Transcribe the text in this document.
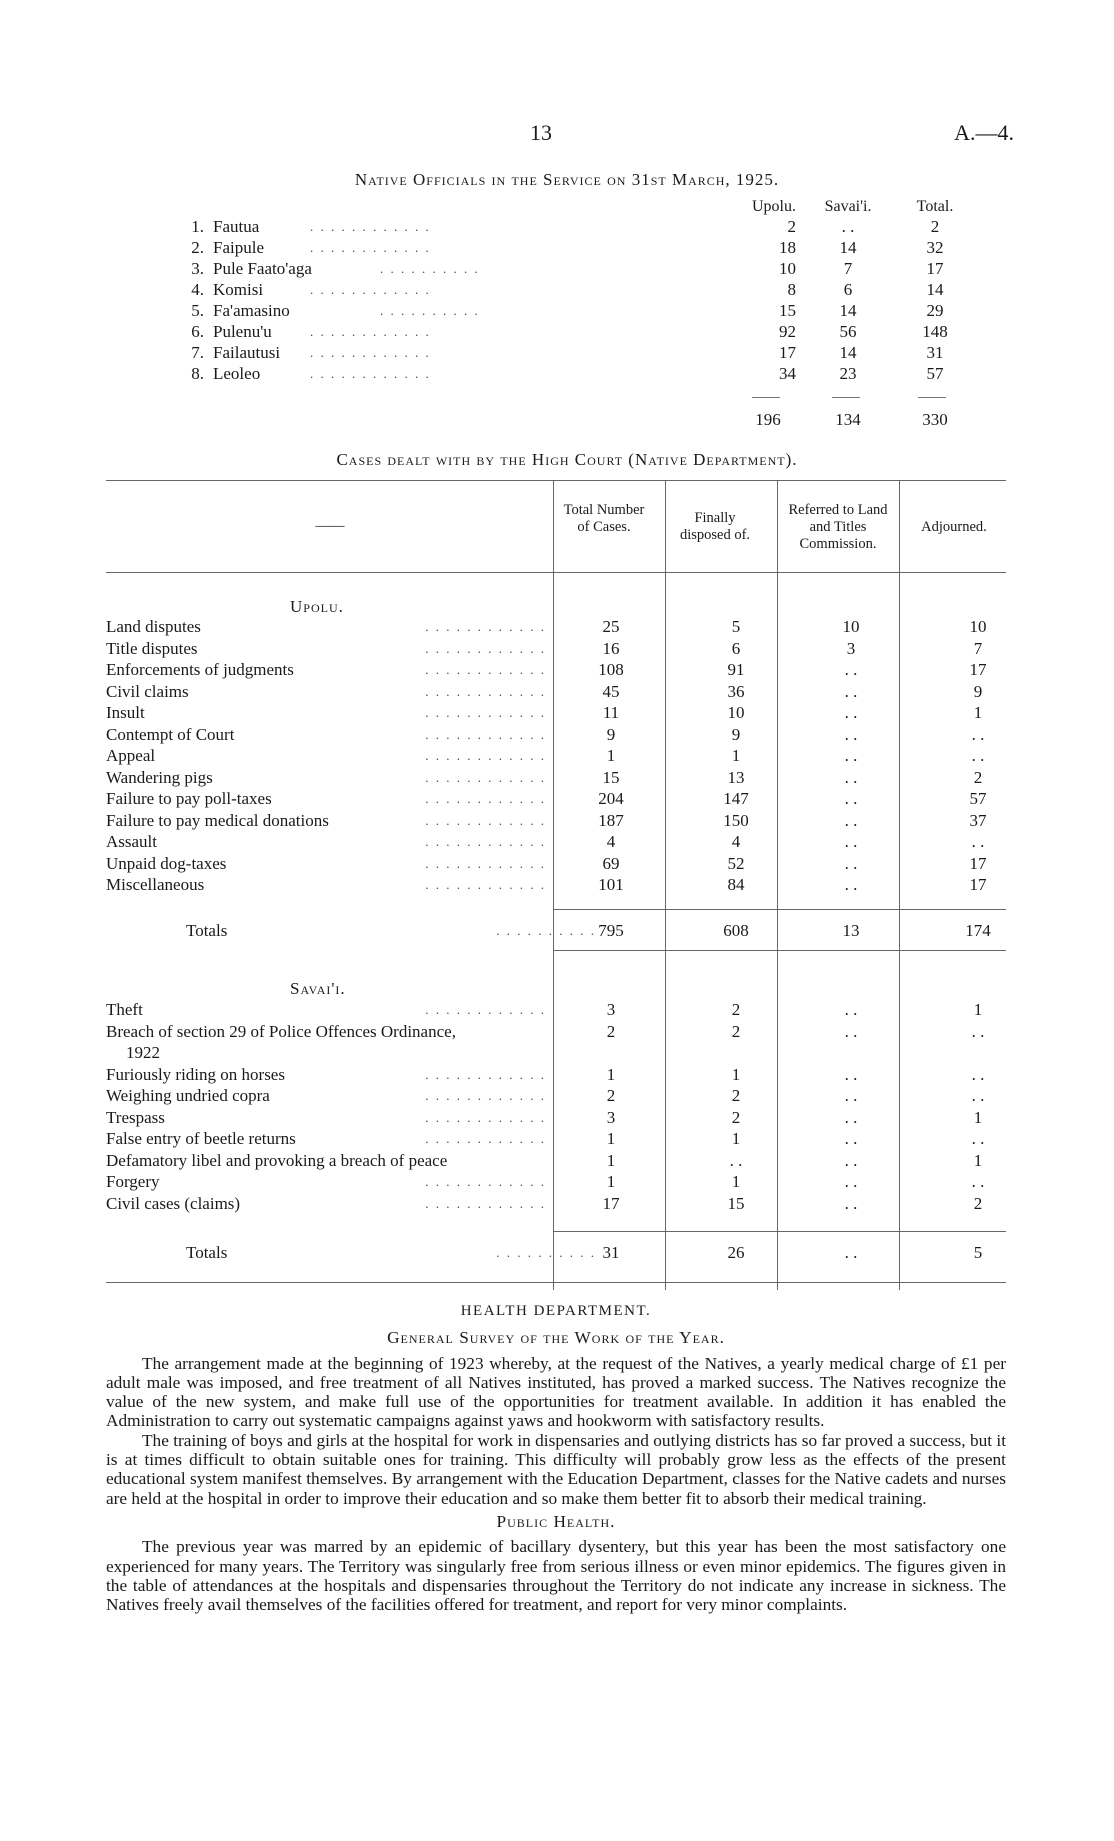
13	A.—4.
Native Officials in the Service on 31st March, 1925.
Upolu.	Savai'i.	Total.
1. Fautua	. . . . . . . . . . . .	2	. .	2
2. Faipule	. . . . . . . . . . . .	18	14	32
3. Pule Faato'aga	. . . . . . . . . .	10	7	17
4. Komisi	. . . . . . . . . . . .	8	6	14
5. Fa'amasino	. . . . . . . . . .	15	14	29
6. Pulenu'u	. . . . . . . . . . . .	92	56	148
7. Failautusi . . . . . . . . . . . .	17	14	31
8. Leoleo	. . . . . . . . . . . .	34	23	57
196	134	330
Cases dealt with by the High Court (Native Department).
——
Total Number of Cases.
Finally disposed of.
Referred to Land and Titles Commission.
Adjourned.
Upolu.
. . . . . . . . . . . .
Land disputes	25	5	10	10
. . . . . . . . . . . .
Title disputes	16	6	3	7
. . . . . . . . . . . .
Enforcements of judgments	108	91	. .	17
. . . . . . . . . . . .
Civil claims	45	36	. .	9
. . . . . . . . . . . .
Insult	11	10	. .	1
. . . . . . . . . . . .
Contempt of Court	9	9	. .	. .
. . . . . . . . . . . .
Appeal	1	1	. .	. .
. . . . . . . . . . . .
Wandering pigs	15	13	. .	2
. . . . . . . . . . . .
Failure to pay poll-taxes	204	147	. .	57
. . . . . . . . . . . .
Failure to pay medical donations	187	150	. .	37
. . . . . . . . . . . .
Assault	4	4	. .	. .
. . . . . . . . . . . .
Unpaid dog-taxes	69	52	. .	17
. . . . . . . . . . . .
Miscellaneous	101	84	. .	17
. . . . . . . . . .
Totals	795	608	13	174
Savai'i.
. . . . . . . . . . . .
Theft	3	2	. .	1
Breach of section 29 of Police Offences Ordinance,
1922
2	2	. .	. .
. . . . . . . . . . . .
Furiously riding on horses	1	1	. .	. .
. . . . . . . . . . . .
Weighing undried copra	2	2	. .	. .
. . . . . . . . . . . .
Trespass	3	2	. .	1
. . . . . . . . . . . .
False entry of beetle returns	1	1	. .	. .
Defamatory libel and provoking a breach of peace	1	. .	. .	1
. . . . . . . . . . . .
Forgery	1	1	. .	. .
. . . . . . . . . . . .
Civil cases (claims)	17	15	. .	2
. . . . . . . . . .
Totals	31	26	. .	5

HEALTH DEPARTMENT.

General Survey of the Work of the Year.

The arrangement made at the beginning of 1923 whereby, at the request of the Natives, a yearly medical charge of £1 per adult male was imposed, and free treatment of all Natives instituted, has proved a marked success. The Natives recognize the value of the new system, and make full use of the opportunities for treatment available. In addition it has enabled the Administration to carry out systematic campaigns against yaws and hookworm with satisfactory results.

The training of boys and girls at the hospital for work in dispensaries and outlying districts has so far proved a success, but it is at times difficult to obtain suitable ones for training. This difficulty will probably grow less as the effects of the present educational system manifest themselves. By arrangement with the Education Department, classes for the Native cadets and nurses are held at the hospital in order to improve their education and so make them better fit to absorb their medical training.

Public Health.

The previous year was marred by an epidemic of bacillary dysentery, but this year has been the most satisfactory one experienced for many years. The Territory was singularly free from serious illness or even minor epidemics. The figures given in the table of attendances at the hospitals and dispensaries throughout the Territory do not indicate any increase in sickness. The Natives freely avail themselves of the facilities offered for treatment, and report for very minor complaints.
